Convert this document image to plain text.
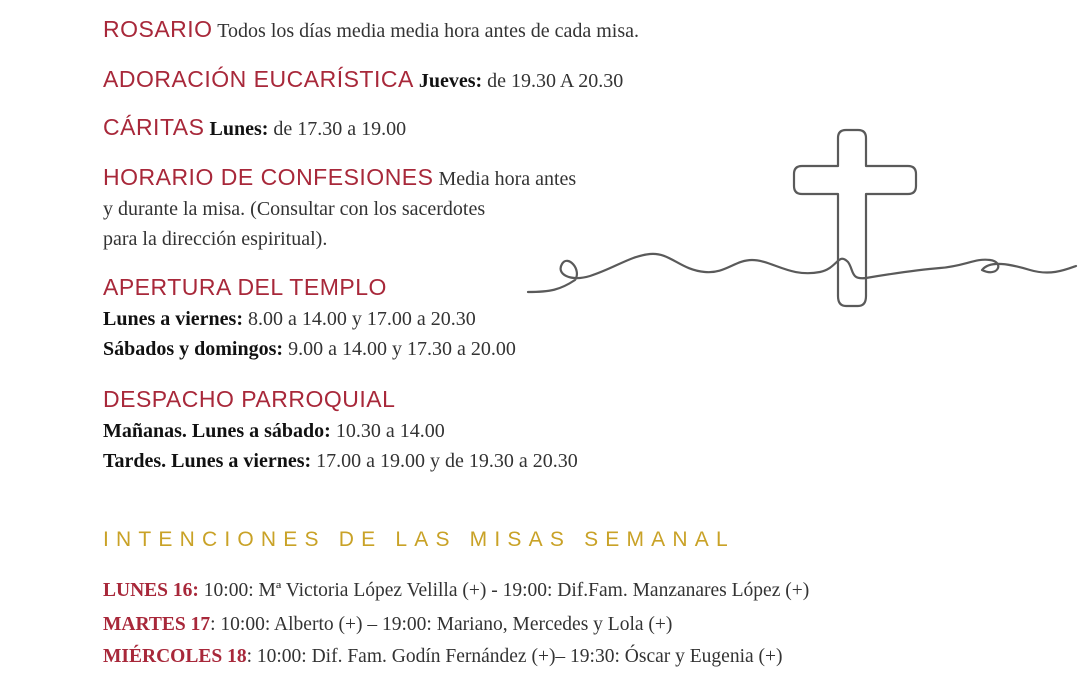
ROSARIO Todos los días media media hora antes de cada misa.
ADORACIÓN EUCARÍSTICA Jueves: de 19.30 A 20.30
CÁRITAS Lunes: de 17.30 a 19.00
HORARIO DE CONFESIONES Media hora antes
y durante la misa. (Consultar con los sacerdotes
para la dirección espiritual).
APERTURA DEL TEMPLO
Lunes a viernes: 8.00 a 14.00 y 17.00 a 20.30
Sábados y domingos: 9.00 a 14.00 y 17.30 a 20.00
DESPACHO PARROQUIAL
Mañanas. Lunes a sábado: 10.30 a 14.00
Tardes. Lunes a viernes: 17.00 a 19.00 y de 19.30 a 20.30
INTENCIONES DE LAS MISAS SEMANAL
LUNES 16: 10:00: Mª Victoria López Velilla (+) - 19:00: Dif.Fam. Manzanares López (+)
MARTES 17: 10:00: Alberto (+) – 19:00: Mariano, Mercedes y Lola (+)
MIÉRCOLES 18: 10:00: Dif. Fam. Godín Fernández (+)– 19:30: Óscar y Eugenia (+)
